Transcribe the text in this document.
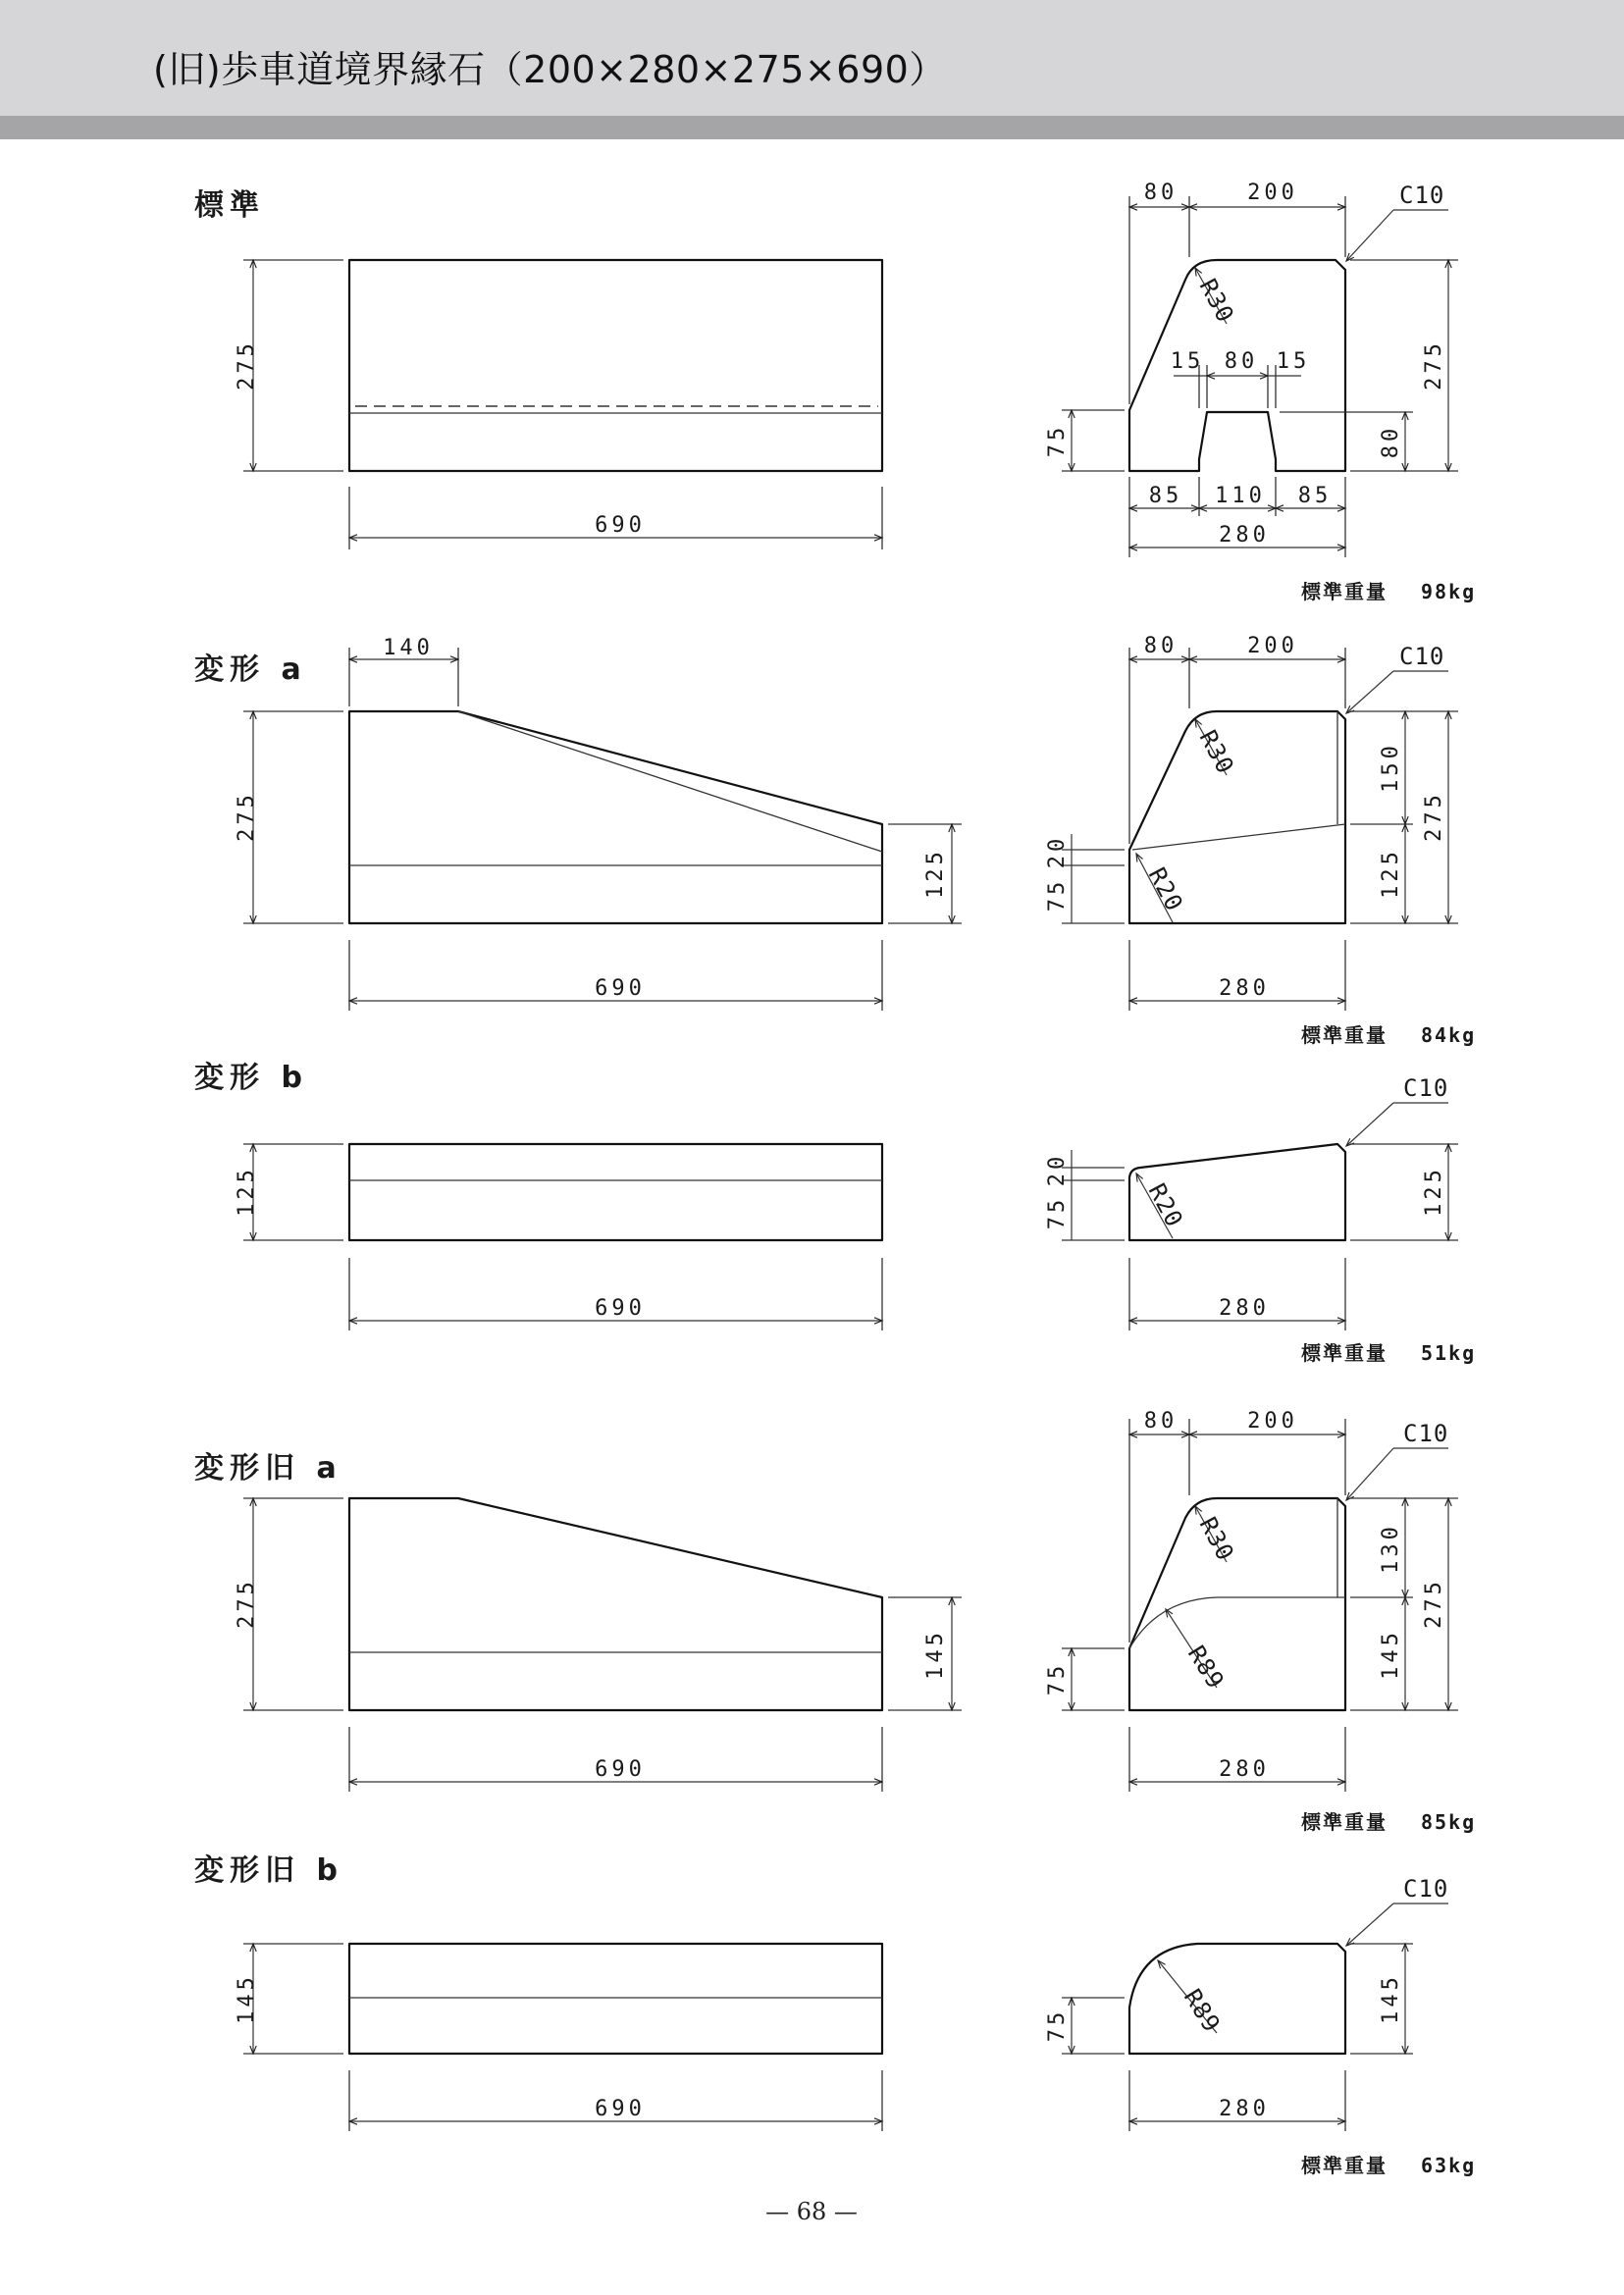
(旧)歩車道境界縁石（200×280×275×690）
標準
275
690
80	200	C10
R30
15 80 15
75	80
275
85 110 85
280
標準重量 98kg
変形 a
140
275
125
690
80	200	C10
R30
R20
75
20
150
125
275
280
標準重量 84kg
変形 b
125
690
C10
R20
75
20	125
280
標準重量 51kg
変形旧 a
275
145
690
80	200	C10
R30
R89
75
130
145
275
280
標準重量 85kg
変形旧 b
145
690
C10
R89
75
145
280
標準重量 63kg
— 68 —
